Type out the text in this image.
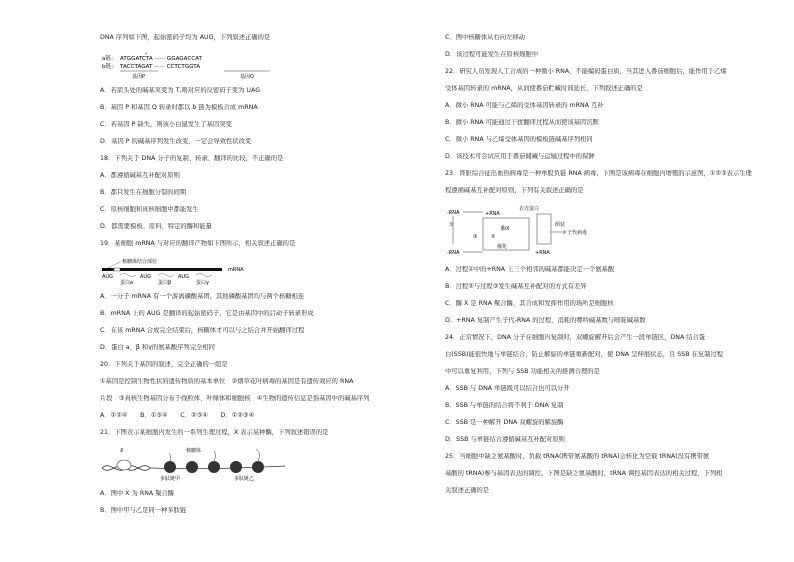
DNA 序列如下图，起始密码子均为 AUG，下列叙述正确的是

a链：
b链：
ATGGATCTA ······ GGAGACCAT
TACCTAGAT ······ CCTCTGGTA
基因P	基因Q

A．若箭头处的碱基突变为 T,则对应的反密码子变为 UAG

B．基因 P 和基因 Q 转录时都以 b 链为模板合成 mRNA

C．若基因 P 缺失，则该小白鼠发生了基因突变

D．基因 P 的碱基序列发生改变，一定会导致性状改变

18．下列关于 DNA 分子的复制、转录、翻译的比较，不正确的是

A．都遵循碱基互补配对原则

B．都只发生在细胞分裂的间期

C．原核细胞和真核细胞中都能发生

D．都需要模板、原料、特定的酶和能量

19．某细胞 mRNA 与对应的翻译产物如下图所示，相关叙述正确的是

核糖体结合部位
mRNA
AUG	AUG	AUG
蛋白a	蛋白β	蛋白γ

A．一分子 mRNA 有一个游离磷酸基团，其他磷酸基团均与两个核糖相连

B．mRNA 上的 AUG 是翻译的起始密码子，它是由基因中的启动子转录形成

C．在该 mRNA 合成完全结束后，核糖体才可以与之结合并开始翻译过程

D．蛋白 a、β 和γ的氨基酸序列完全相同

20．下列关于基因的叙述，完全正确的一组是

①基因是控制生物性状的遗传物质的基本单位　②烟草花叶病毒的基因是有遗传效应的 RNA

片段　③真核生物基因分布于线粒体、叶绿体和细胞核　④生物的遗传信息是指基因中的碱基序列

A．①②④　　B．①③④　　C．②③④　　D．①②③④

21．下图表示某细胞内发生的一系列生理过程，X 表示某种酶，下列叙述错误的是

X	核糖体
多肽链甲	多肽链乙

A．图中 X 为 RNA 聚合酶

B．图中甲与乙是同一种多肽链

C．图中核糖体从右向左移动

D．该过程可能发生在原核细胞中

22．研究人员发现人工合成的一种微小 RNA，不能编码蛋白质，当其进入番茄细胞后，能作用于乙烯

受体基因转录的 mRNA，从而使番茄贮藏时间延长，下列叙述正确的是

A．微小 RNA 可能与乙烯的受体基因转录的 mRNA 互补

B．微小 RNA 可能通过干扰翻译过程从而使该基因沉默

C．微小 RNA 与乙烯受体基因的模板链碱基序列相同

D．该技术可尝试应用于番茄储藏与运输过程中的保鲜

23．肾脏综合征出血热病毒是一种单股负链 RNA 病毒，下图是该病毒在细胞内增殖的示意图，①②③表示生理

程遵循碱基互补配对原则，下列有关叙述正确的是

-RNA
①
-RNA
+RNA
衣壳蛋白
酶X
催化
②
③
+RNA
组装
子代病毒

A．过程①中的+RNA 上三个相邻的碱基都能决定一个氨基酸

B．过程②与过程③发生碱基互补配对的方式有差异

C．酶 X 是 RNA 聚合酶，其合成和发挥作用的场所是细胞核

D．+RNA 复制产生子代-RNA 的过程，消耗的嘌呤碱基数与嘧啶碱基数

24．正常情况下，DNA 分子在细胞内复制时，双螺旋解开后会产生一段单链区，DNA 结合蛋

白(SSB)能很快地与单链结合，防止解旋的单链重新配对，使 DNA 呈伸展状态，且 SSB 在复制过程

中可以重复利用，下列与 SSB 功能相关的推测合理的是

A．SSB 与 DNA 单链既可以结合也可以分开

B．SSB 与单链的结合将不利于 DNA 复制

C．SSB 是一种解开 DNA 双螺旋的解旋酶

D．SSB 与单链结合遵循碱基互补配对原则

25．当细胞中缺乏氨基酸时，负载 tRNA(携带氨基酸的 tRNA)会转化为空载 tRNA(没有携带氨

基酸的 tRNA)参与基因表达的调控。下图是缺乏氨基酸时，tRNA 调控基因表达的相关过程，下列相

关叙述正确的是
